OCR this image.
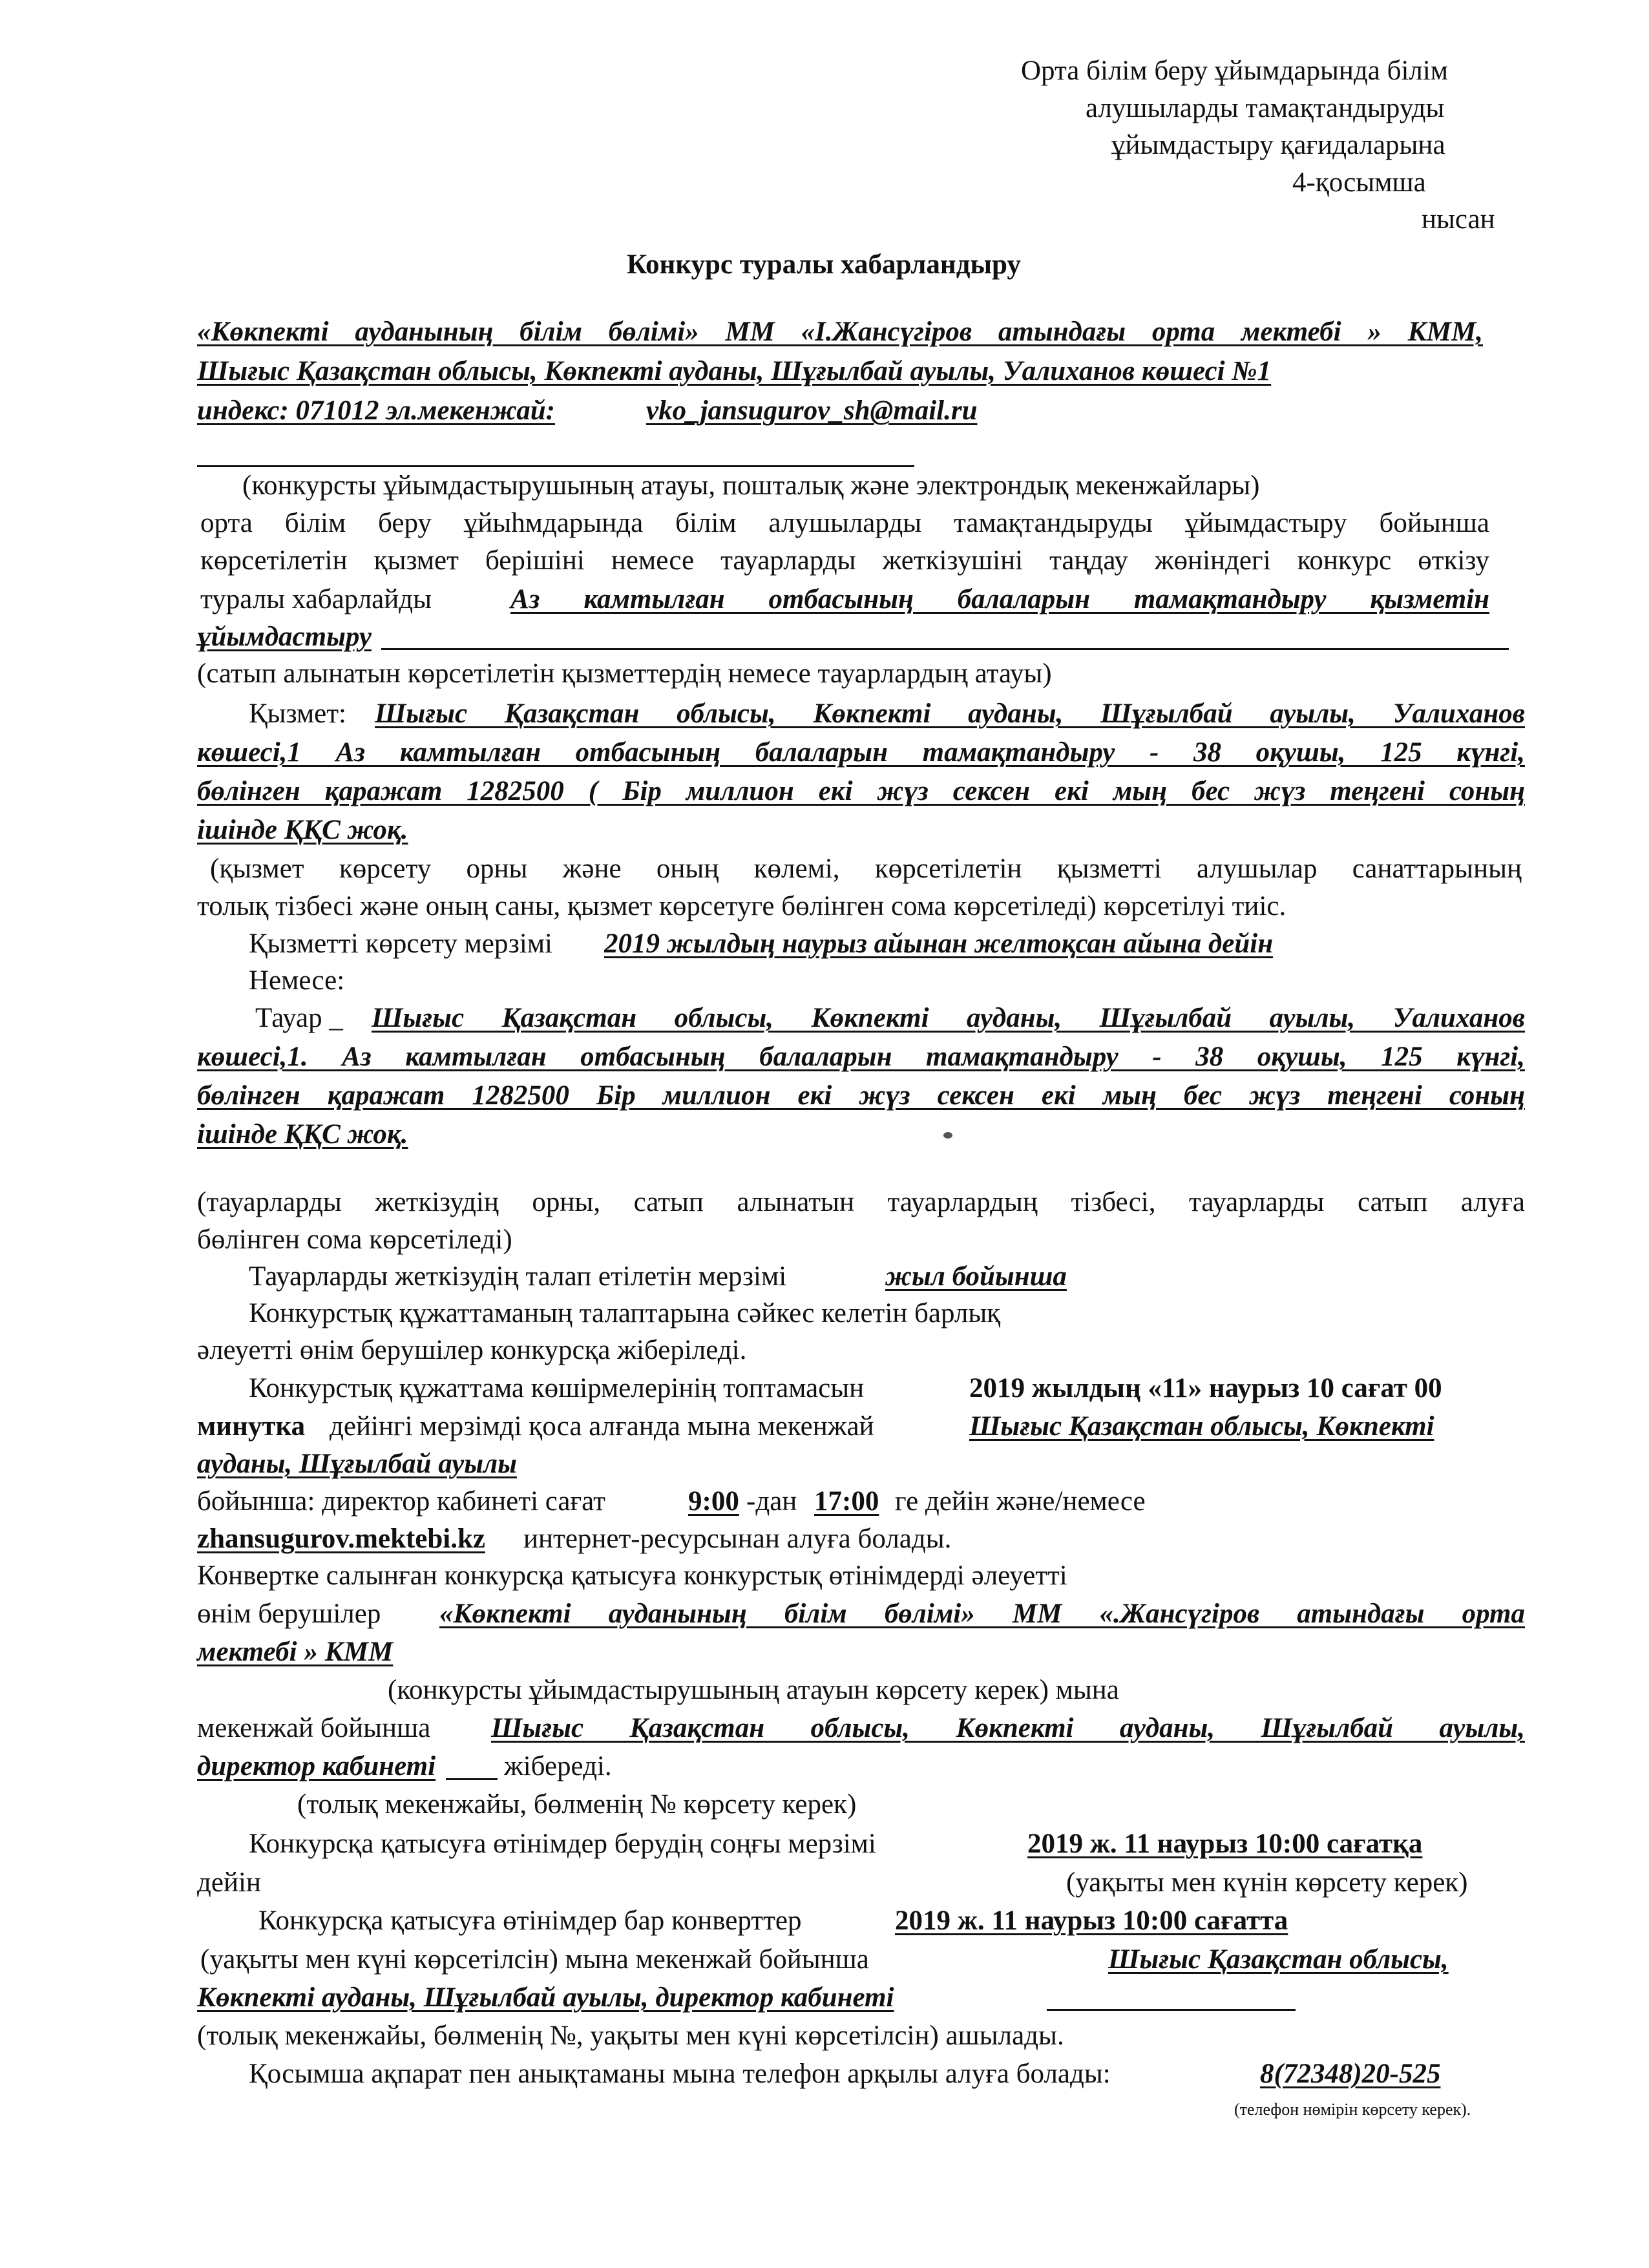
Орта білім беру ұйымдарында білім
алушыларды тамақтандыруды
ұйымдастыру қағидаларына
4-қосымша
нысан
Конкурс туралы хабарландыру
«Көкпекті ауданының білім бөлімі» ММ «І.Жансүгіров атындағы орта мектебі » КММ,
Шығыс Қазақстан облысы, Көкпекті ауданы, Шұғылбай ауылы, Уалиханов көшесі №1
индекс: 071012 эл.мекенжай:	vko_jansugurov_sh@mail.ru
(конкурсты ұйымдастырушының атауы, пошталық және электрондық мекенжайлары)
орта білім беру ұйыһмдарында білім алушыларды тамақтандыруды ұйымдастыру бойынша
көрсетілетін қызмет берішіні немесе тауарларды жеткізушіні таңдау жөніндегі конкурс өткізу
туралы хабарлайды	Аз камтылған отбасының балаларын тамақтандыру қызметін
ұйымдастыру
(сатып алынатын көрсетілетін қызметтердің немесе тауарлардың атауы)
Қызмет: Шығыс Қазақстан облысы, Көкпекті ауданы, Шұғылбай ауылы, Уалиханов
көшесі,1 Аз камтылған отбасының балаларын тамақтандыру - 38 оқушы, 125 күнгі,
бөлінген қаражат 1282500 ( Бір миллион екі жүз сексен екі мың бес жүз теңгені соның
ішінде ҚҚС жоқ.
(қызмет көрсету орны және оның көлемі, көрсетілетін қызметті алушылар санаттарының
толық тізбесі және оның саны, қызмет көрсетуге бөлінген сома көрсетіледі) көрсетілуі тиіс.
Қызметті көрсету мерзімі 2019 жылдың наурыз айынан желтоқсан айына дейін
Немесе:
Тауар _ Шығыс Қазақстан облысы, Көкпекті ауданы, Шұғылбай ауылы, Уалиханов
көшесі,1. Аз камтылған отбасының балаларын тамақтандыру - 38 оқушы, 125 күнгі,
бөлінген қаражат 1282500 Бір миллион екі жүз сексен екі мың бес жүз теңгені соның
ішінде ҚҚС жоқ.
(тауарларды жеткізудің орны, сатып алынатын тауарлардың тізбесі, тауарларды сатып алуға
бөлінген сома көрсетіледі)
Тауарларды жеткізудің талап етілетін мерзімі	жыл бойынша
Конкурстық құжаттаманың талаптарына сәйкес келетін барлық
әлеуетті өнім берушілер конкурсқа жіберіледі.
Конкурстық құжаттама көшірмелерінің топтамасын	2019 жылдың «11» наурыз 10 сағат 00
минутка дейінгі мерзімді қоса алғанда мына мекенжай	Шығыс Қазақстан облысы, Көкпекті
ауданы, Шұғылбай ауылы
бойынша: директор кабинеті сағат	9:00 -дан 17:00 ге дейін және/немесе
zhansugurov.mektebi.kz интернет-ресурсынан алуға болады.
Конвертке салынған конкурсқа қатысуға конкурстық өтінімдерді әлеуетті
өнім берушілер «Көкпекті ауданының білім бөлімі» ММ «.Жансүгіров атындағы орта
мектебі » КММ
(конкурсты ұйымдастырушының атауын көрсету керек) мына
мекенжай бойынша Шығыс Қазақстан облысы, Көкпекті ауданы, Шұғылбай ауылы,
директор кабинеті жібереді.
(толық мекенжайы, бөлменің № көрсету керек)
Конкурсқа қатысуға өтінімдер берудің соңғы мерзімі	2019 ж. 11 наурыз 10:00 сағатқа
дейін	(уақыты мен күнін көрсету керек)
Конкурсқа қатысуға өтінімдер бар конверттер	2019 ж. 11 наурыз 10:00 сағатта
(уақыты мен күні көрсетілсін) мына мекенжай бойынша	Шығыс Қазақстан облысы,
Көкпекті ауданы, Шұғылбай ауылы, директор кабинеті
(толық мекенжайы, бөлменің №, уақыты мен күні көрсетілсін) ашылады.
Қосымша ақпарат пен анықтаманы мына телефон арқылы алуға болады:	8(72348)20-525
(телефон нөмірін көрсету керек).
